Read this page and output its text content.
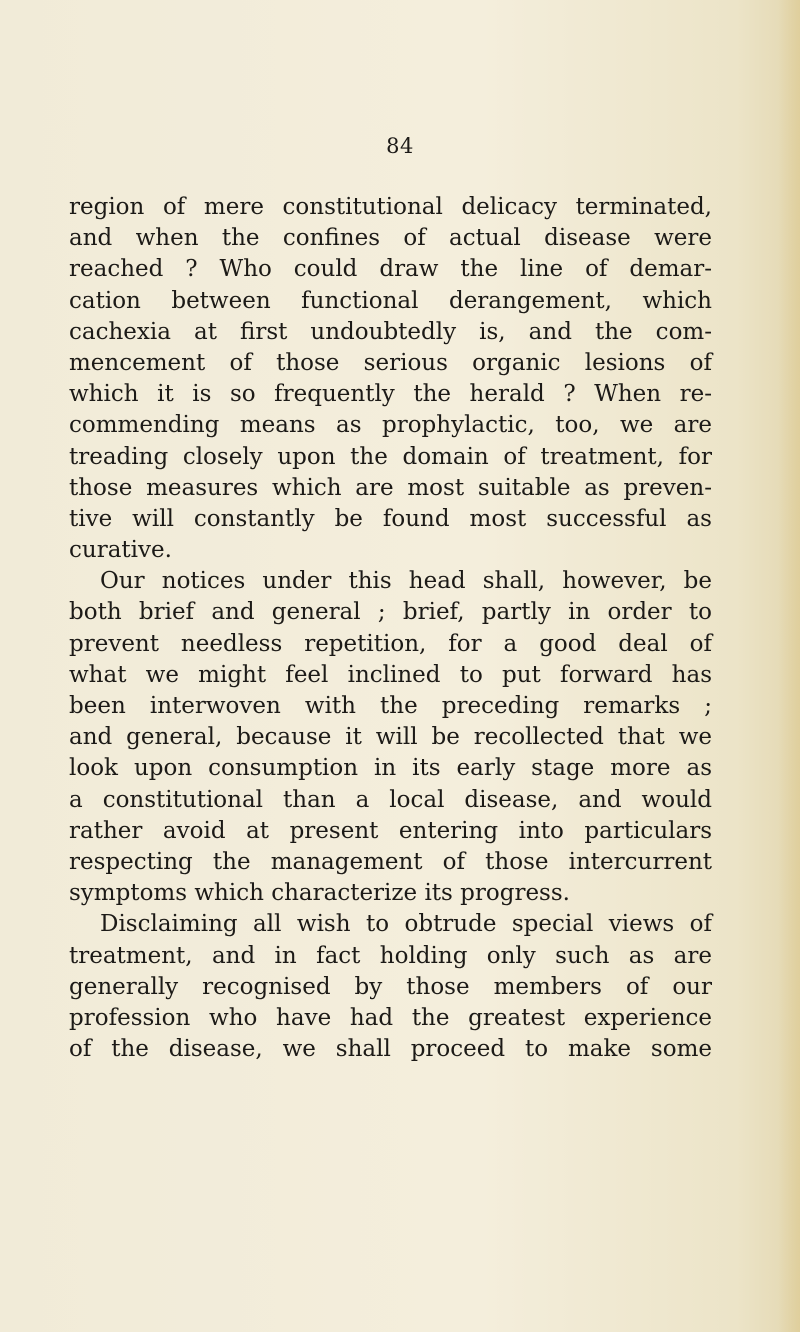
84
region of mere constitutional delicacy terminated,
and when the confines of actual disease were
reached ? Who could draw the line of demar-
cation between functional derangement, which
cachexia at first undoubtedly is, and the com-
mencement of those serious organic lesions of
which it is so frequently the herald ? When re-
commending means as prophylactic, too, we are
treading closely upon the domain of treatment, for
those measures which are most suitable as preven-
tive will constantly be found most successful as
curative.
Our notices under this head shall, however, be
both brief and general ; brief, partly in order to
prevent needless repetition, for a good deal of
what we might feel inclined to put forward has
been interwoven with the preceding remarks ;
and general, because it will be recollected that we
look upon consumption in its early stage more as
a constitutional than a local disease, and would
rather avoid at present entering into particulars
respecting the management of those intercurrent
symptoms which characterize its progress.
Disclaiming all wish to obtrude special views of
treatment, and in fact holding only such as are
generally recognised by those members of our
profession who have had the greatest experience
of the disease, we shall proceed to make some
